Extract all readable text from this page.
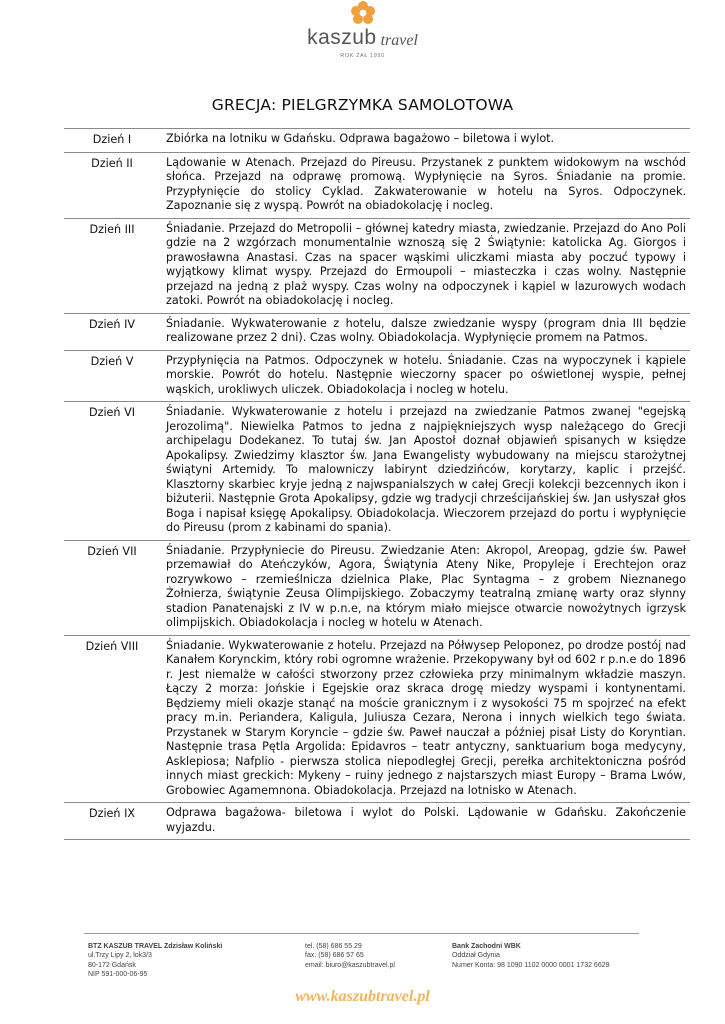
kaszub travel
ROK ZAŁ 1990
GRECJA: PIELGRZYMKA SAMOLOTOWA
Dzień I	Zbiórka na lotniku w Gdańsku. Odprawa bagażowo – biletowa i wylot.
Dzień II	Lądowanie w Atenach. Przejazd do Pireusu. Przystanek z punktem widokowym na wschód słońca. Przejazd na odprawę promową. Wypłynięcie na Syros. Śniadanie na promie. Przypłynięcie do stolicy Cyklad. Zakwaterowanie w hotelu na Syros. Odpoczynek. Zapoznanie się z wyspą. Powrót na obiadokolację i nocleg.
Dzień III	Śniadanie. Przejazd do Metropolii – głównej katedry miasta, zwiedzanie. Przejazd do Ano Poli gdzie na 2 wzgórzach monumentalnie wznoszą się 2 Świątynie: katolicka Ag. Giorgos i prawosławna Anastasi. Czas na spacer wąskimi uliczkami miasta aby poczuć typowy i wyjątkowy klimat wyspy. Przejazd do Ermoupoli – miasteczka i czas wolny. Następnie przejazd na jedną z plaż wyspy. Czas wolny na odpoczynek i kąpiel w lazurowych wodach zatoki. Powrót na obiadokolację i nocleg.
Dzień IV	Śniadanie. Wykwaterowanie z hotelu, dalsze zwiedzanie wyspy (program dnia III będzie realizowane przez 2 dni). Czas wolny. Obiadokolacja. Wypłynięcie promem na Patmos.
Dzień V	Przypłynięcia na Patmos. Odpoczynek w hotelu. Śniadanie. Czas na wypoczynek i kąpiele morskie. Powrót do hotelu. Następnie wieczorny spacer po oświetlonej wyspie, pełnej wąskich, urokliwych uliczek. Obiadokolacja i nocleg w hotelu.
Dzień VI	Śniadanie. Wykwaterowanie z hotelu i przejazd na zwiedzanie Patmos zwanej "egejską Jerozolimą". Niewielka Patmos to jedna z najpiękniejszych wysp należącego do Grecji archipelagu Dodekanez. To tutaj św. Jan Apostoł doznał objawień spisanych w księdze Apokalipsy. Zwiedzimy klasztor św. Jana Ewangelisty wybudowany na miejscu starożytnej świątyni Artemidy. To malowniczy labirynt dziedzińców, korytarzy, kaplic i przejść. Klasztorny skarbiec kryje jedną z najwspanialszych w całej Grecji kolekcji bezcennych ikon i biżuterii. Następnie Grota Apokalipsy, gdzie wg tradycji chrześcijańskiej św. Jan usłyszał głos Boga i napisał księgę Apokalipsy. Obiadokolacja. Wieczorem przejazd do portu i wypłynięcie do Pireusu (prom z kabinami do spania).
Dzień VII	Śniadanie. Przypłyniecie do Pireusu. Zwiedzanie Aten: Akropol, Areopag, gdzie św. Paweł przemawiał do Ateńczyków, Agora, Świątynia Ateny Nike, Propyleje i Erechtejon oraz rozrywkowo – rzemieślnicza dzielnica Plake, Plac Syntagma – z grobem Nieznanego Żołnierza, świątynie Zeusa Olimpijskiego. Zobaczymy teatralną zmianę warty oraz słynny stadion Panatenajski z IV w p.n.e, na którym miało miejsce otwarcie nowożytnych igrzysk olimpijskich. Obiadokolacja i nocleg w hotelu w Atenach.
Dzień VIII	Śniadanie. Wykwaterowanie z hotelu. Przejazd na Półwysep Peloponez, po drodze postój nad Kanałem Korynckim, który robi ogromne wrażenie. Przekopywany był od 602 r p.n.e do 1896 r. Jest niemalże w całości stworzony przez człowieka przy minimalnym wkładzie maszyn. Łączy 2 morza: Jońskie i Egejskie oraz skraca drogę miedzy wyspami i kontynentami. Będziemy mieli okazje stanąć na moście granicznym i z wysokości 75 m spojrzeć na efekt pracy m.in. Periandera, Kaligula, Juliusza Cezara, Nerona i innych wielkich tego świata. Przystanek w Starym Koryncie – gdzie św. Paweł nauczał a później pisał Listy do Koryntian. Następnie trasa Pętla Argolida: Epidavros – teatr antyczny, sanktuarium boga medycyny, Asklepiosa; Nafplio - pierwsza stolica niepodległej Grecji, perełka architektoniczna pośród innych miast greckich: Mykeny – ruiny jednego z najstarszych miast Europy – Brama Lwów, Grobowiec Agamemnona. Obiadokolacja. Przejazd na lotnisko w Atenach.
Dzień IX	Odprawa bagażowa- biletowa i wylot do Polski. Lądowanie w Gdańsku. Zakończenie wyjazdu.
BTZ KASZUB TRAVEL Zdzisław Koliński
ul.Trzy Lipy 2, lok3/3
80-172 Gdańsk
NIP 591-000-06-95
tel. (58) 686 55 29
fax. (58) 686 57 65
email: biuro@kaszubtravel.pl
Bank Zachodni WBK
Oddział Gdynia
Numer Konta: 98 1090 1102 0000 0001 1732 6629
www.kaszubtravel.pl
